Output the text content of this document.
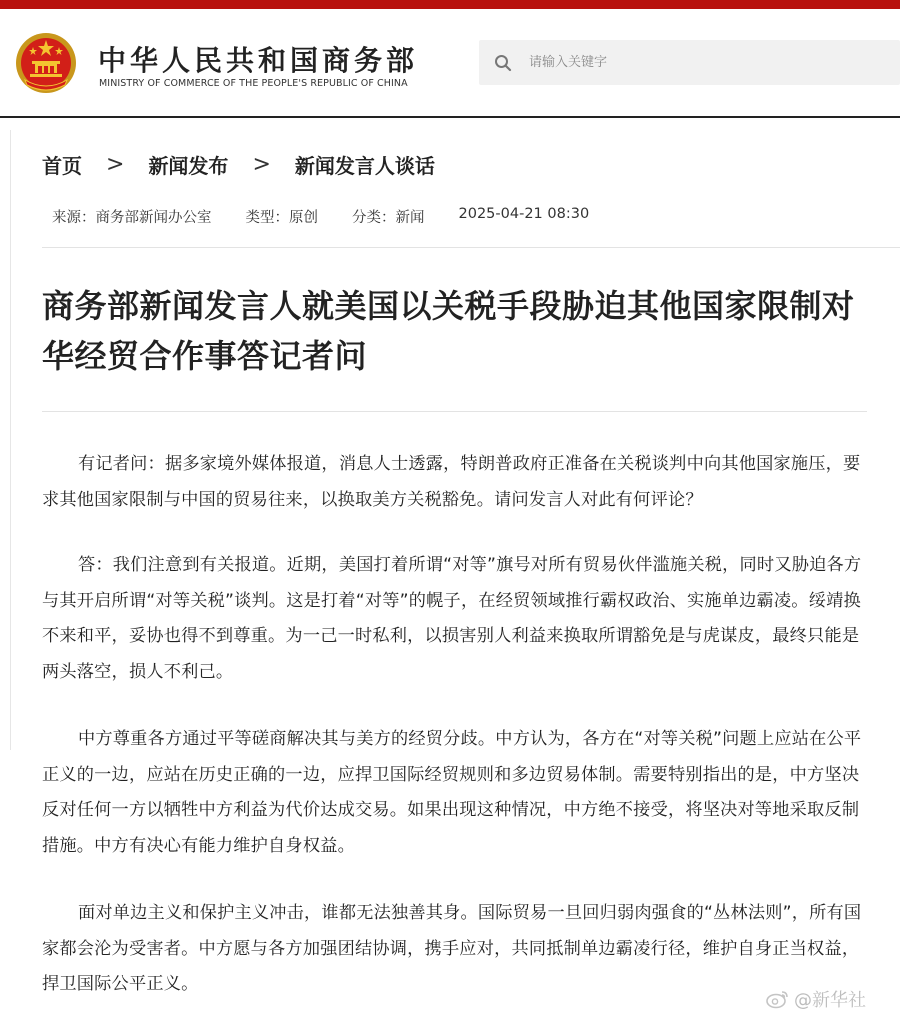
中华人民共和国商务部
MINISTRY OF COMMERCE OF THE PEOPLE'S REPUBLIC OF CHINA
请输入关键字
首页 > 新闻发布 > 新闻发言人谈话
来源：商务部新闻办公室 类型：原创 分类：新闻 2025-04-21 08:30
商务部新闻发言人就美国以关税手段胁迫其他国家限制对华经贸合作事答记者问

有记者问：据多家境外媒体报道，消息人士透露，特朗普政府正准备在关税谈判中向其他国家施压，要求其他国家限制与中国的贸易往来，以换取美方关税豁免。请问发言人对此有何评论？

答：我们注意到有关报道。近期，美国打着所谓“对等”旗号对所有贸易伙伴滥施关税，同时又胁迫各方与其开启所谓“对等关税”谈判。这是打着“对等”的幌子，在经贸领域推行霸权政治、实施单边霸凌。绥靖换不来和平，妥协也得不到尊重。为一己一时私利，以损害别人利益来换取所谓豁免是与虎谋皮，最终只能是两头落空，损人不利己。

中方尊重各方通过平等磋商解决其与美方的经贸分歧。中方认为，各方在“对等关税”问题上应站在公平正义的一边，应站在历史正确的一边，应捍卫国际经贸规则和多边贸易体制。需要特别指出的是，中方坚决反对任何一方以牺牲中方利益为代价达成交易。如果出现这种情况，中方绝不接受，将坚决对等地采取反制措施。中方有决心有能力维护自身权益。

面对单边主义和保护主义冲击，谁都无法独善其身。国际贸易一旦回归弱肉强食的“丛林法则”，所有国家都会沦为受害者。中方愿与各方加强团结协调，携手应对，共同抵制单边霸凌行径，维护自身正当权益，捍卫国际公平正义。

@新华社
